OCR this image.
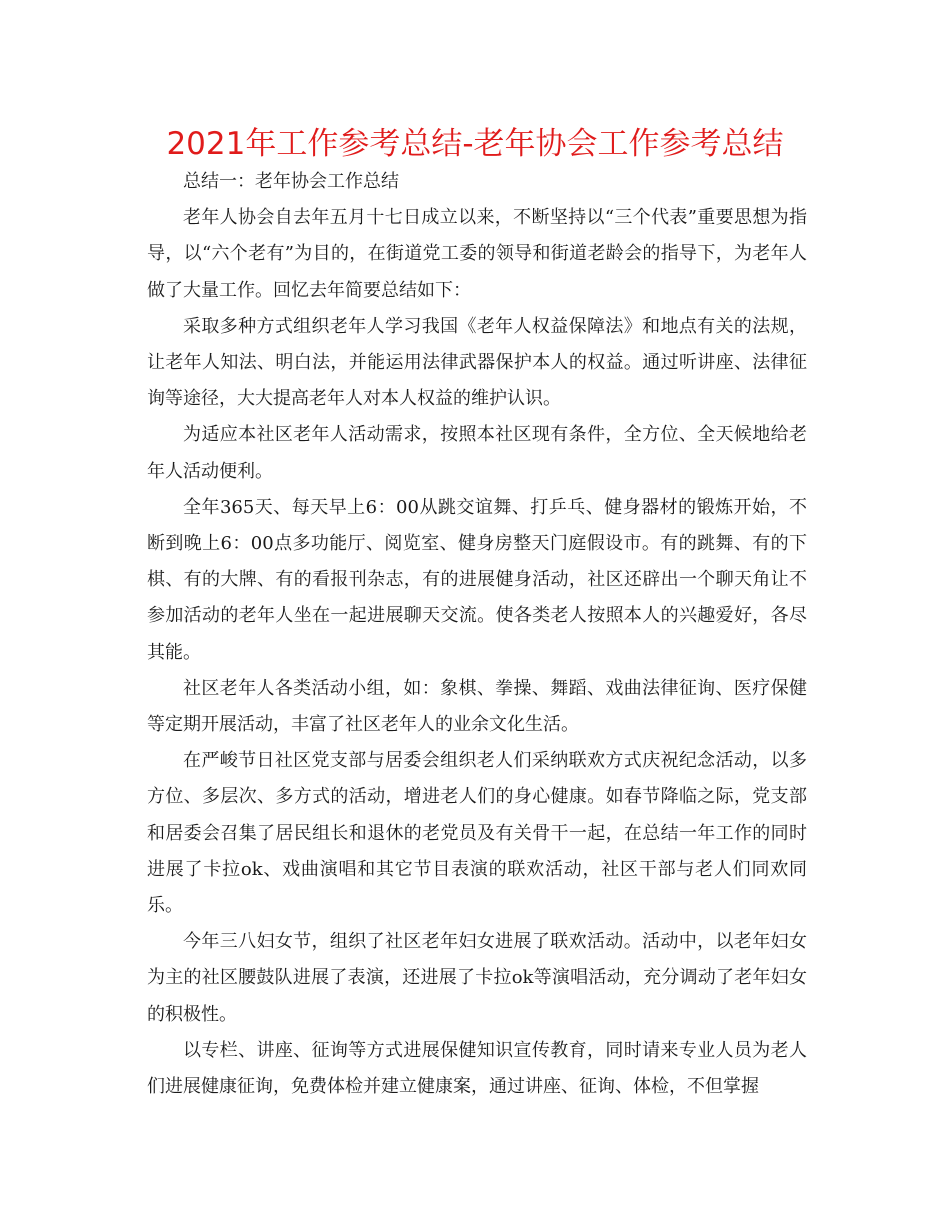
2021年工作参考总结-老年协会工作参考总结

总结一：老年协会工作总结

老年人协会自去年五月十七日成立以来，不断坚持以“三个代表”重要思想为指导，以“六个老有”为目的，在街道党工委的领导和街道老龄会的指导下，为老年人做了大量工作。回忆去年简要总结如下：

采取多种方式组织老年人学习我国《老年人权益保障法》和地点有关的法规，让老年人知法、明白法，并能运用法律武器保护本人的权益。通过听讲座、法律征询等途径，大大提高老年人对本人权益的维护认识。

为适应本社区老年人活动需求，按照本社区现有条件，全方位、全天候地给老年人活动便利。

全年365天、每天早上6：00从跳交谊舞、打乒乓、健身器材的锻炼开始，不断到晚上6：00点多功能厅、阅览室、健身房整天门庭假设市。有的跳舞、有的下棋、有的大牌、有的看报刊杂志，有的进展健身活动，社区还辟出一个聊天角让不参加活动的老年人坐在一起进展聊天交流。使各类老人按照本人的兴趣爱好，各尽其能。

社区老年人各类活动小组，如：象棋、拳操、舞蹈、戏曲法律征询、医疗保健等定期开展活动，丰富了社区老年人的业余文化生活。

在严峻节日社区党支部与居委会组织老人们采纳联欢方式庆祝纪念活动，以多方位、多层次、多方式的活动，增进老人们的身心健康。如春节降临之际，党支部和居委会召集了居民组长和退休的老党员及有关骨干一起，在总结一年工作的同时进展了卡拉ok、戏曲演唱和其它节目表演的联欢活动，社区干部与老人们同欢同乐。

今年三八妇女节，组织了社区老年妇女进展了联欢活动。活动中，以老年妇女为主的社区腰鼓队进展了表演，还进展了卡拉ok等演唱活动，充分调动了老年妇女的积极性。

以专栏、讲座、征询等方式进展保健知识宣传教育，同时请来专业人员为老人们进展健康征询，免费体检并建立健康案，通过讲座、征询、体检，不但掌握
